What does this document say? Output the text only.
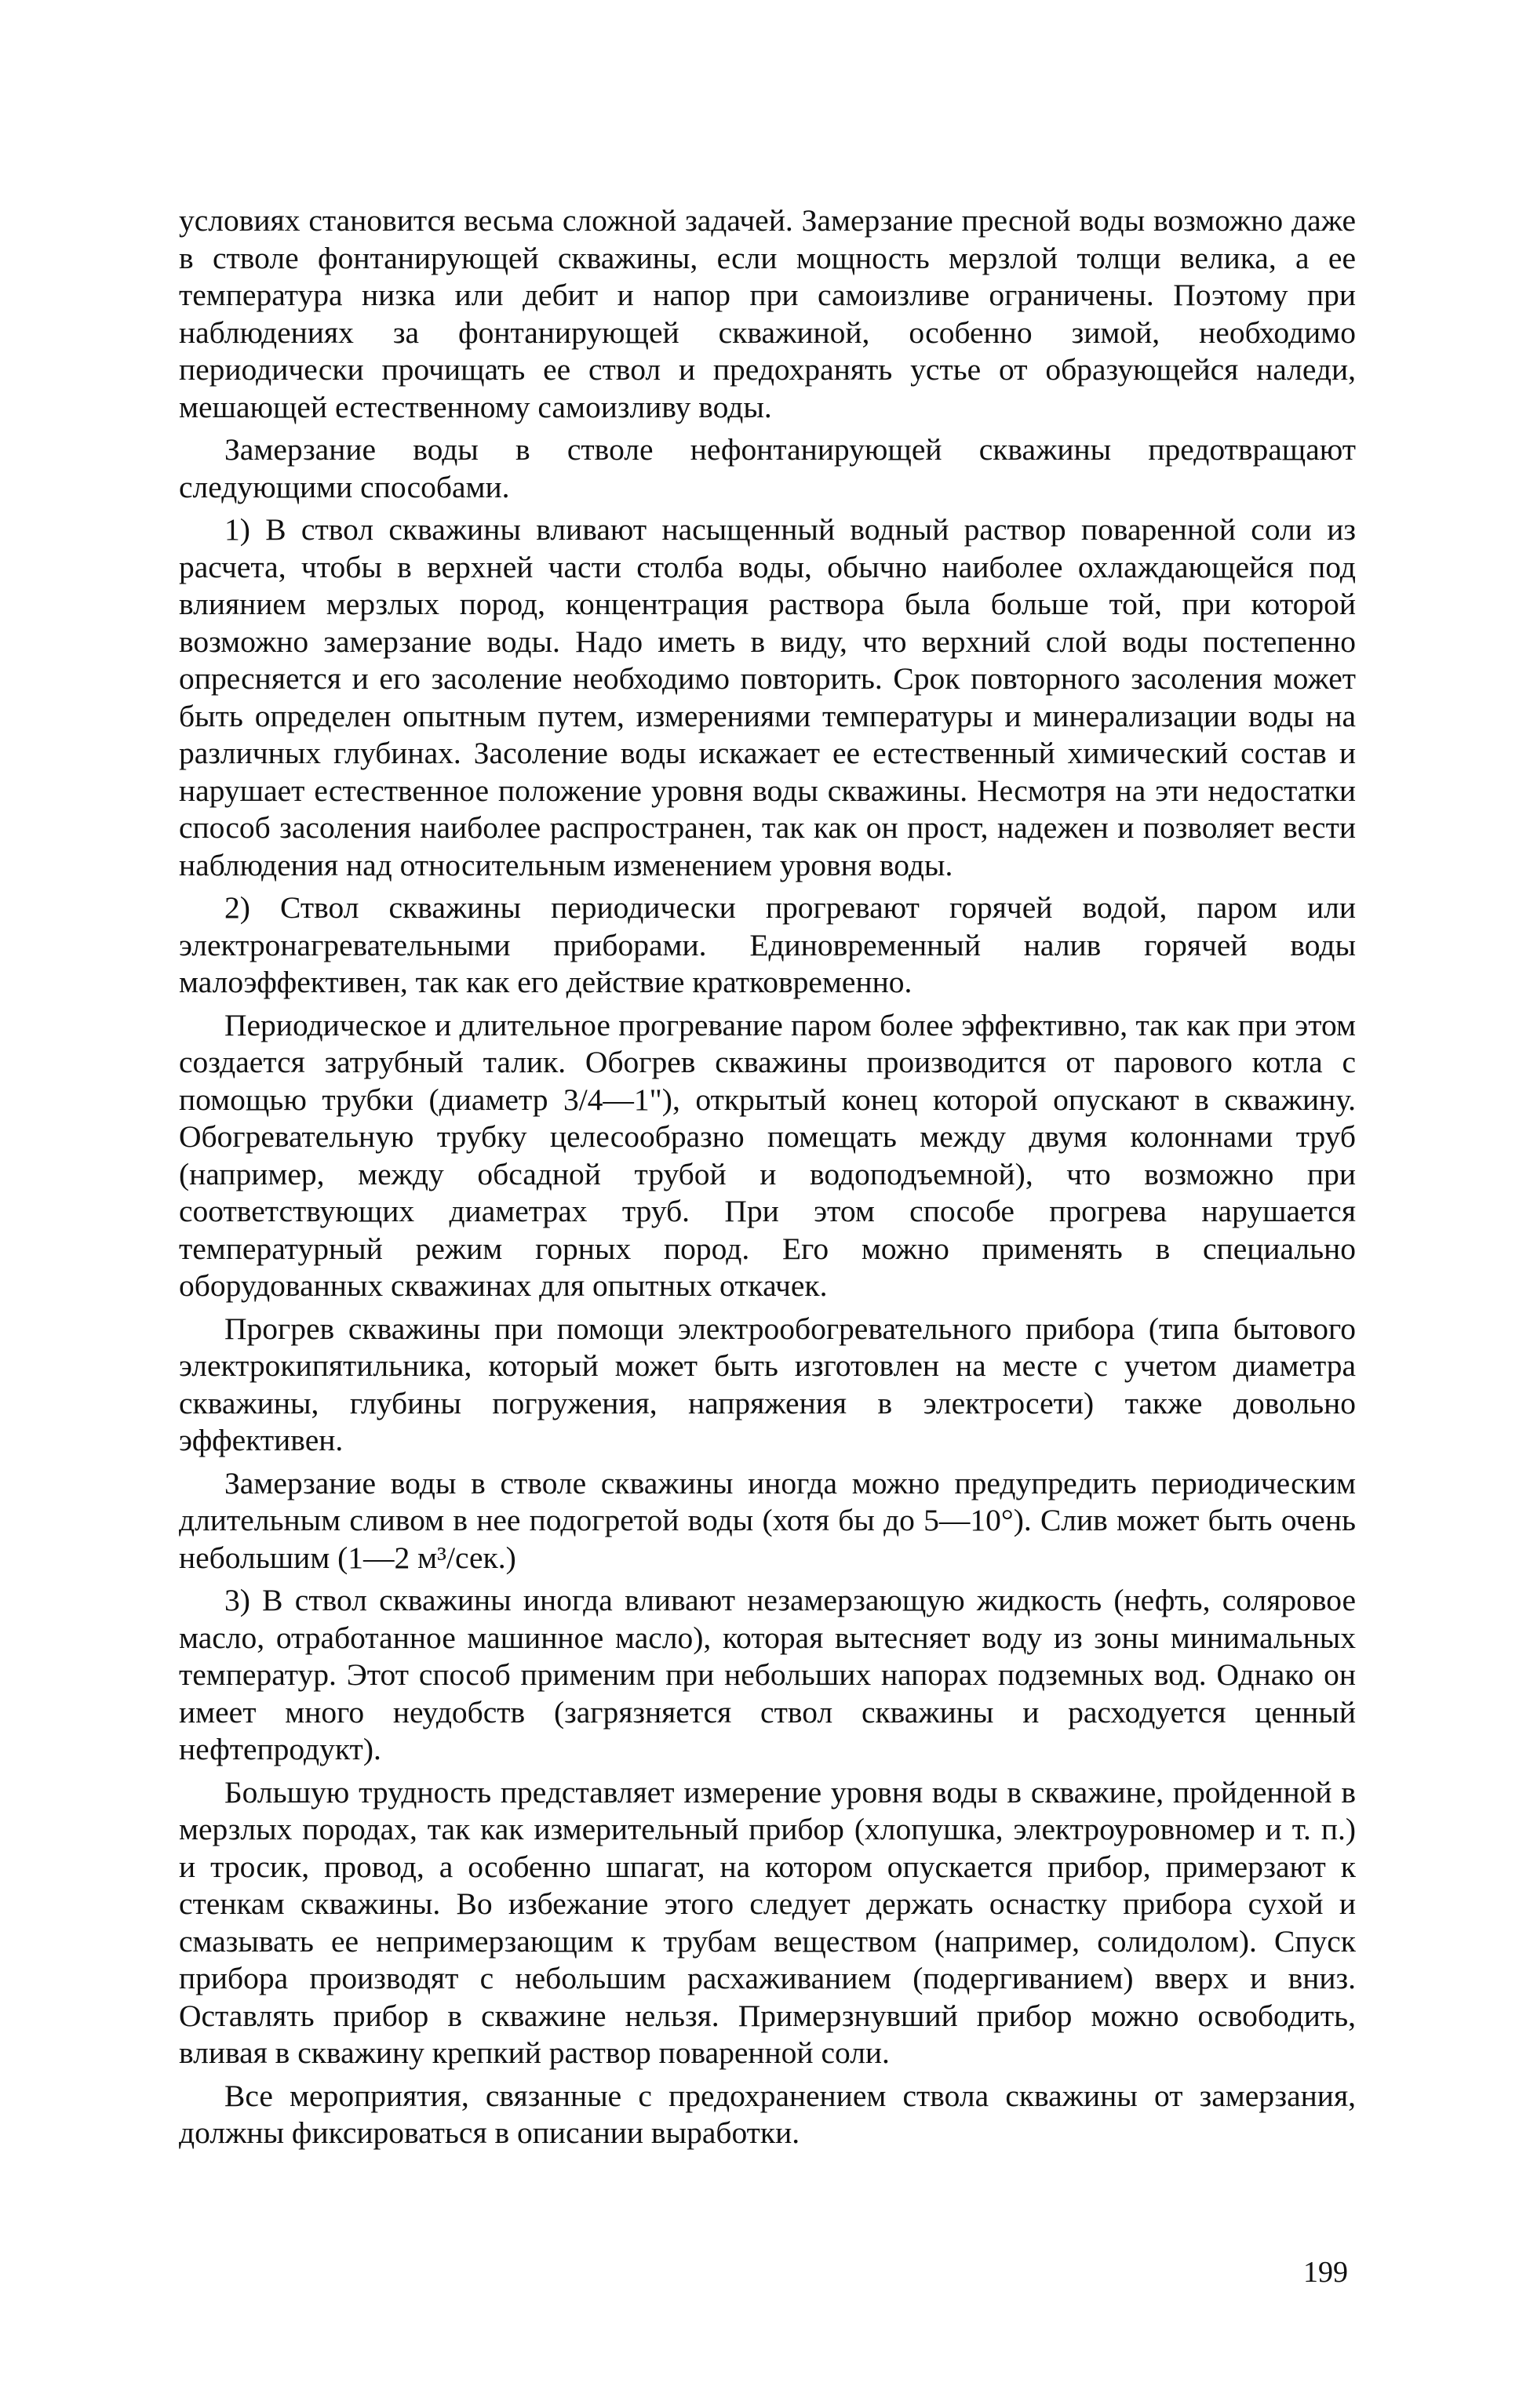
условиях становится весьма сложной задачей. Замерзание пресной воды возможно даже в стволе фонтанирующей скважины, если мощность мерзлой толщи велика, а ее температура низка или дебит и напор при самоизливе ограничены. Поэтому при наблюдениях за фонтанирующей скважиной, особенно зимой, необходимо периодически прочищать ее ствол и предохранять устье от образующейся наледи, мешающей естественному самоизливу воды.

Замерзание воды в стволе нефонтанирующей скважины предотвращают следующими способами.

1) В ствол скважины вливают насыщенный водный раствор поваренной соли из расчета, чтобы в верхней части столба воды, обычно наиболее охлаждающейся под влиянием мерзлых пород, концентрация раствора была больше той, при которой возможно замерзание воды. Надо иметь в виду, что верхний слой воды постепенно опресняется и его засоление необходимо повторить. Срок повторного засоления может быть определен опытным путем, измерениями температуры и минерализации воды на различных глубинах. Засоление воды искажает ее естественный химический состав и нарушает естественное положение уровня воды скважины. Несмотря на эти недостатки способ засоления наиболее распространен, так как он прост, надежен и позволяет вести наблюдения над относительным изменением уровня воды.

2) Ствол скважины периодически прогревают горячей водой, паром или электронагревательными приборами. Единовременный налив горячей воды малоэффективен, так как его действие кратковременно.

Периодическое и длительное прогревание паром более эффективно, так как при этом создается затрубный талик. Обогрев скважины производится от парового котла с помощью трубки (диаметр 3/4—1"), открытый конец которой опускают в скважину. Обогревательную трубку целесообразно помещать между двумя колоннами труб (например, между обсадной трубой и водоподъемной), что возможно при соответствующих диаметрах труб. При этом способе прогрева нарушается температурный режим горных пород. Его можно применять в специально оборудованных скважинах для опытных откачек.

Прогрев скважины при помощи электрообогревательного прибора (типа бытового электрокипятильника, который может быть изготовлен на месте с учетом диаметра скважины, глубины погружения, напряжения в электросети) также довольно эффективен.

Замерзание воды в стволе скважины иногда можно предупредить периодическим длительным сливом в нее подогретой воды (хотя бы до 5—10°). Слив может быть очень небольшим (1—2 м³/сек.)

3) В ствол скважины иногда вливают незамерзающую жидкость (нефть, соляровое масло, отработанное машинное масло), которая вытесняет воду из зоны минимальных температур. Этот способ применим при небольших напорах подземных вод. Однако он имеет много неудобств (загрязняется ствол скважины и расходуется ценный нефтепродукт).

Большую трудность представляет измерение уровня воды в скважине, пройденной в мерзлых породах, так как измерительный прибор (хлопушка, электроуровномер и т. п.) и тросик, провод, а особенно шпагат, на котором опускается прибор, примерзают к стенкам скважины. Во избежание этого следует держать оснастку прибора сухой и смазывать ее непримерзающим к трубам веществом (например, солидолом). Спуск прибора производят с небольшим расхаживанием (подергиванием) вверх и вниз. Оставлять прибор в скважине нельзя. Примерзнувший прибор можно освободить, вливая в скважину крепкий раствор поваренной соли.

Все мероприятия, связанные с предохранением ствола скважины от замерзания, должны фиксироваться в описании выработки.

199
